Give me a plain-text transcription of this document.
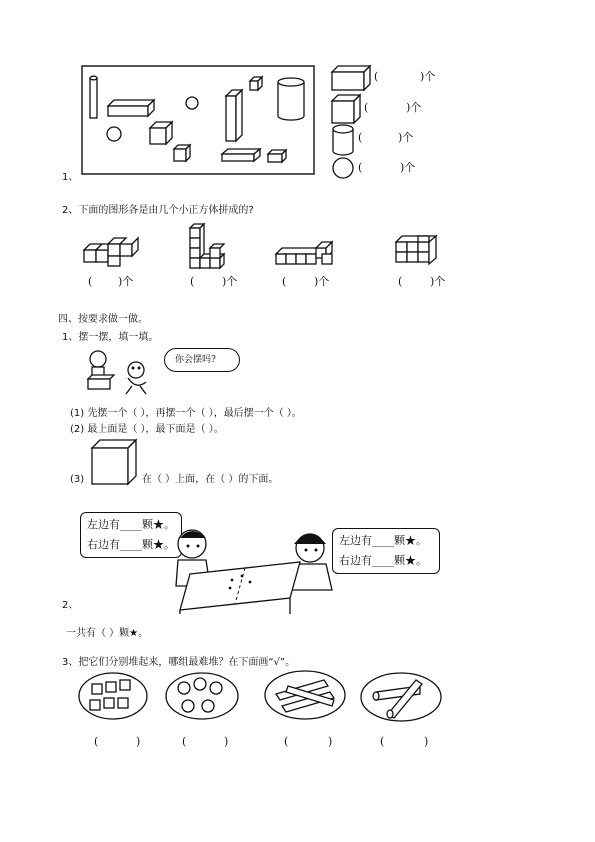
1、
(	)个
(	)个
(	)个
(	)个
2、下面的图形各是由几个小正方体拼成的?
( )个	(	)个	(	)个	(	)个
四、按要求做一做。
1、摆一摆，填一填。
你会摆吗?
(1) 先摆一个（ ），再摆一个（ ），最后摆一个（ ）。
(2) 最上面是（ ），最下面是（ ）。
(3)	在（ ）上面，在（ ）的下面。
左边有____颗★。
右边有____颗★。	左边有____颗★。
右边有____颗★。
2、
一共有（ ）颗★。
3、把它们分别堆起来，哪组最难堆？在下面画“√”。
(	)	(	)	(	)	(	)
